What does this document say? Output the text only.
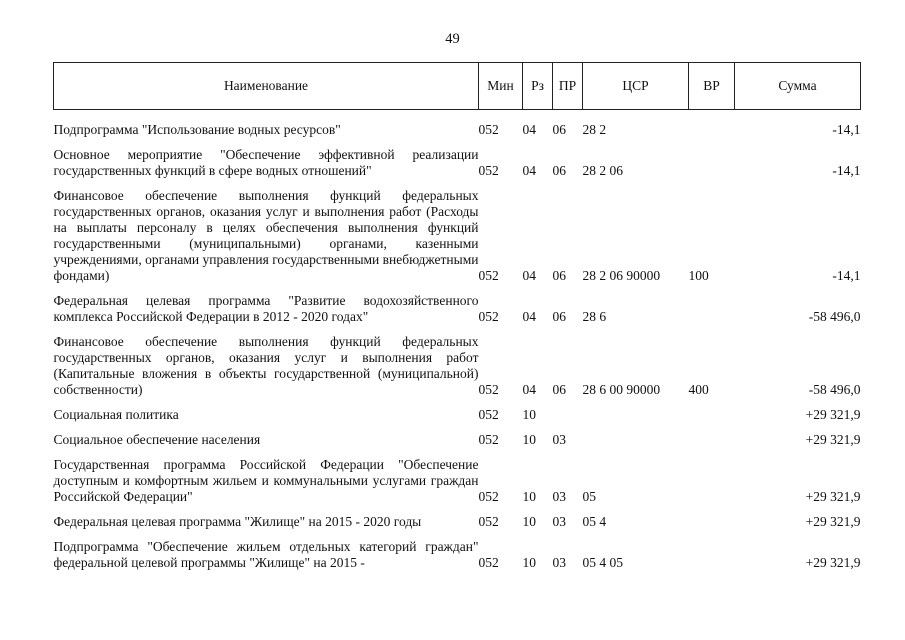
49
Наименование	Мин	Рз	ПР	ЦСР	ВР	Сумма

Подпрограмма "Использование водных ресурсов"	052	04	06	28 2		-14,1
Основное мероприятие "Обеспечение эффективной реализации государственных функций в сфере водных отношений"	052	04	06	28 2 06		-14,1
Финансовое обеспечение выполнения функций федеральных государственных органов, оказания услуг и выполнения работ (Расходы на выплаты персоналу в целях обеспечения выполнения функций государственными (муниципальными) органами, казенными учреждениями, органами управления государственными внебюджетными фондами)	052	04	06	28 2 06 90000	100	-14,1
Федеральная целевая программа "Развитие водохозяйственного комплекса Российской Федерации в 2012 - 2020 годах"	052	04	06	28 6		-58 496,0
Финансовое обеспечение выполнения функций федеральных государственных органов, оказания услуг и выполнения работ (Капитальные вложения в объекты государственной (муниципальной) собственности)	052	04	06	28 6 00 90000	400	-58 496,0
Социальная политика	052	10				+29 321,9
Социальное обеспечение населения	052	10	03			+29 321,9
Государственная программа Российской Федерации "Обеспечение доступным и комфортным жильем и коммунальными услугами граждан Российской Федерации"	052	10	03	05		+29 321,9
Федеральная целевая программа "Жилище" на 2015 - 2020 годы	052	10	03	05 4		+29 321,9
Подпрограмма "Обеспечение жильем отдельных категорий граждан" федеральной целевой программы "Жилище" на 2015 -	052	10	03	05 4 05		+29 321,9
